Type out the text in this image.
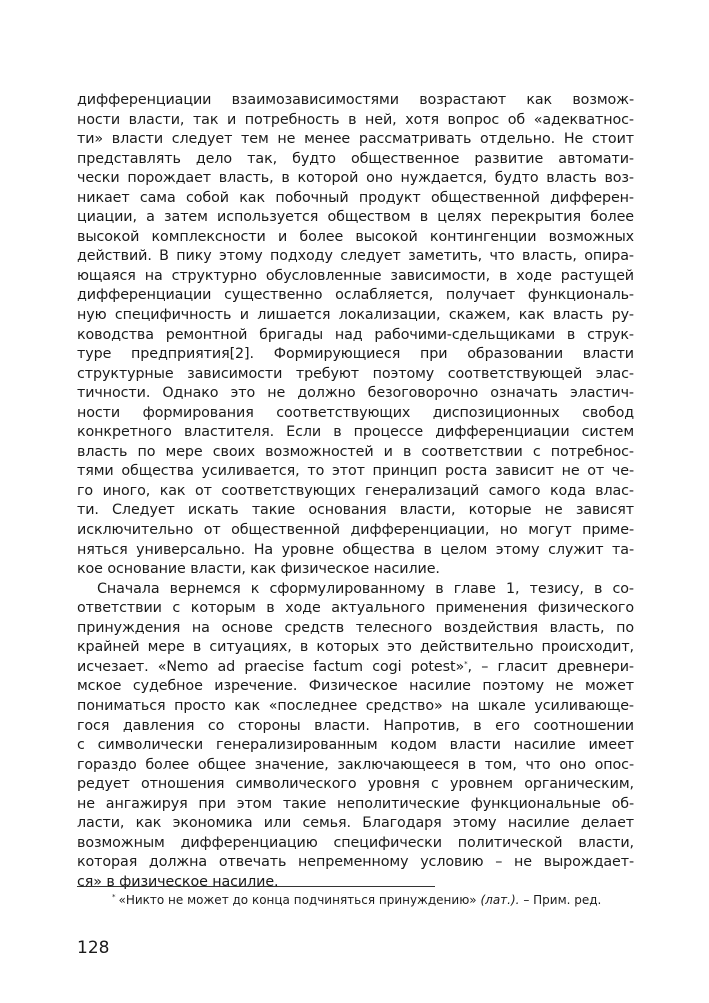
дифференциации взаимозависимостями возрастают как возмож-
ности власти, так и потребность в ней, хотя вопрос об «адекватнос-
ти» власти следует тем не менее рассматривать отдельно. Не стоит
представлять дело так, будто общественное развитие автомати-
чески порождает власть, в которой оно нуждается, будто власть воз-
никает сама собой как побочный продукт общественной дифферен-
циации, а затем используется обществом в целях перекрытия более
высокой комплексности и более высокой контингенции возможных
действий. В пику этому подходу следует заметить, что власть, опира-
ющаяся на структурно обусловленные зависимости, в ходе растущей
дифференциации существенно ослабляется, получает функциональ-
ную специфичность и лишается локализации, скажем, как власть ру-
ководства ремонтной бригады над рабочими-сдельщиками в струк-
туре предприятия[2]. Формирующиеся при образовании власти
структурные зависимости требуют поэтому соответствующей элас-
тичности. Однако это не должно безоговорочно означать эластич-
ности формирования соответствующих диспозиционных свобод
конкретного властителя. Если в процессе дифференциации систем
власть по мере своих возможностей и в соответствии с потребнос-
тями общества усиливается, то этот принцип роста зависит не от че-
го иного, как от соответствующих генерализаций самого кода влас-
ти. Следует искать такие основания власти, которые не зависят
исключительно от общественной дифференциации, но могут приме-
няться универсально. На уровне общества в целом этому служит та-
кое основание власти, как физическое насилие.
Сначала вернемся к сформулированному в главе 1, тезису, в со-
ответствии с которым в ходе актуального применения физического
принуждения на основе средств телесного воздействия власть, по
крайней мере в ситуациях, в которых это действительно происходит,
исчезает. «Nemo ad praecise factum cogi potest»*, – гласит древнери-
мское судебное изречение. Физическое насилие поэтому не может
пониматься просто как «последнее средство» на шкале усиливающе-
гося давления со стороны власти. Напротив, в его соотношении
с символически генерализированным кодом власти насилие имеет
гораздо более общее значение, заключающееся в том, что оно опос-
редует отношения символического уровня с уровнем органическим,
не ангажируя при этом такие неполитические функциональные об-
ласти, как экономика или семья. Благодаря этому насилие делает
возможным дифференциацию специфически политической власти,
которая должна отвечать непременному условию – не вырождает-
ся» в физическое насилие.
* «Никто не может до конца подчиняться принуждению» (лат.). – Прим. ред.
128
